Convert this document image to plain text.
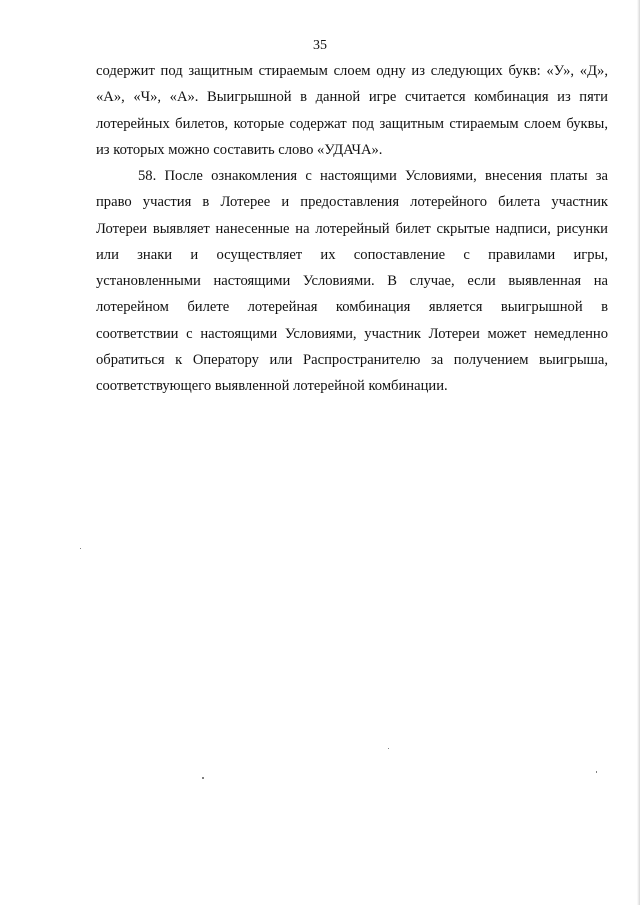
35
содержит под защитным стираемым слоем одну из следующих букв: «У», «Д»,
«А», «Ч», «А». Выигрышной в данной игре считается комбинация из пяти
лотерейных билетов, которые содержат под защитным стираемым слоем буквы,
из которых можно составить слово «УДАЧА».
58. После ознакомления с настоящими Условиями, внесения платы за
право участия в Лотерее и предоставления лотерейного билета участник
Лотереи выявляет нанесенные на лотерейный билет скрытые надписи, рисунки
или знаки и осуществляет их сопоставление с правилами игры,
установленными настоящими Условиями. В случае, если выявленная на
лотерейном билете лотерейная комбинация является выигрышной в
соответствии с настоящими Условиями, участник Лотереи может немедленно
обратиться к Оператору или Распространителю за получением выигрыша,
соответствующего выявленной лотерейной комбинации.
